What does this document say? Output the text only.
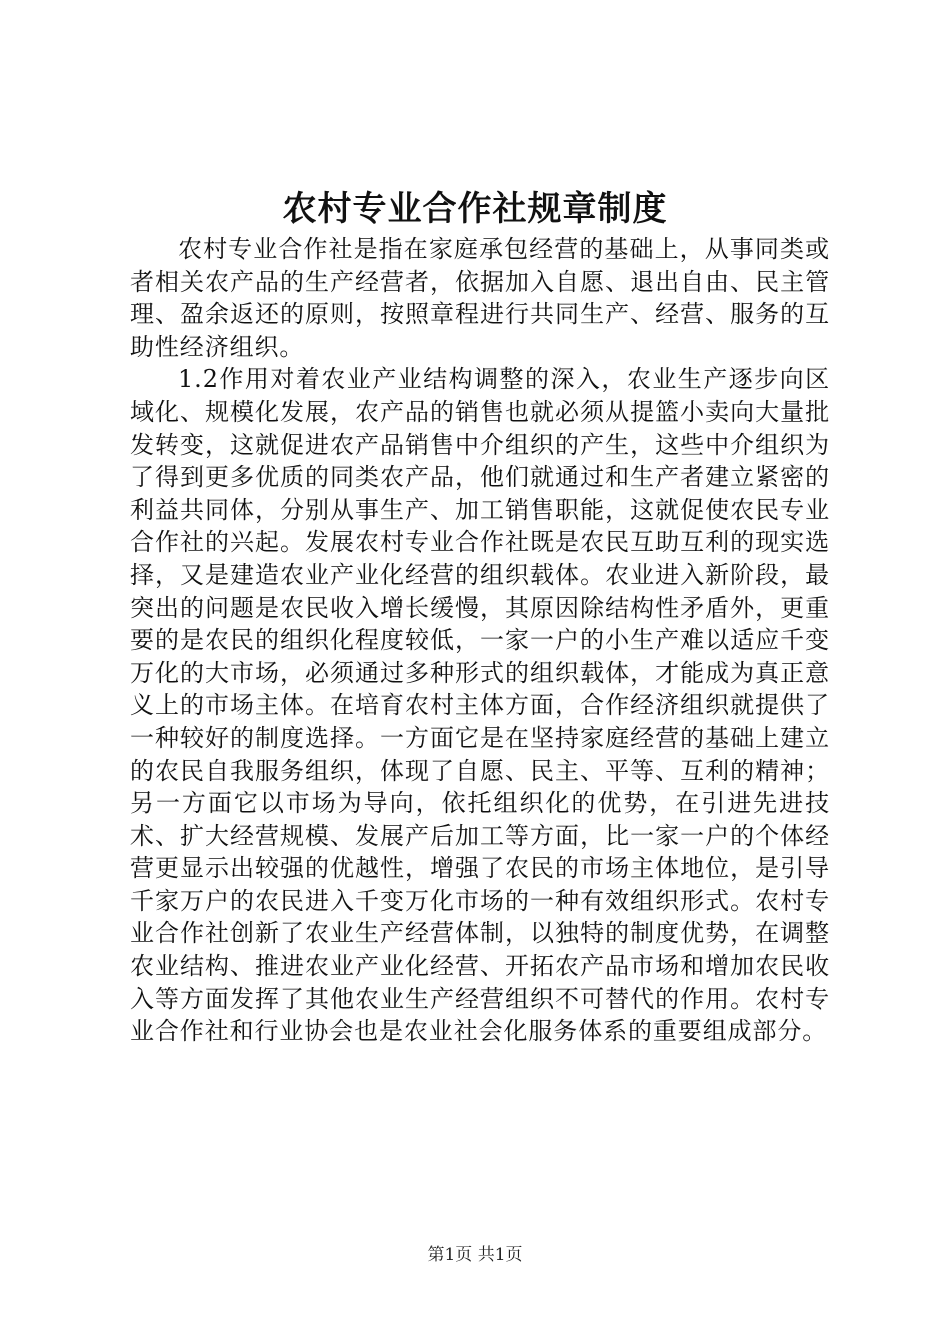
农村专业合作社规章制度

农村专业合作社是指在家庭承包经营的基础上，从事同类或者相关农产品的生产经营者，依据加入自愿、退出自由、民主管理、盈余返还的原则，按照章程进行共同生产、经营、服务的互助性经济组织。

1.2作用对着农业产业结构调整的深入，农业生产逐步向区域化、规模化发展，农产品的销售也就必须从提篮小卖向大量批发转变，这就促进农产品销售中介组织的产生，这些中介组织为了得到更多优质的同类农产品，他们就通过和生产者建立紧密的利益共同体，分别从事生产、加工销售职能，这就促使农民专业合作社的兴起。发展农村专业合作社既是农民互助互利的现实选择，又是建造农业产业化经营的组织载体。农业进入新阶段，最突出的问题是农民收入增长缓慢，其原因除结构性矛盾外，更重要的是农民的组织化程度较低，一家一户的小生产难以适应千变万化的大市场，必须通过多种形式的组织载体，才能成为真正意义上的市场主体。在培育农村主体方面，合作经济组织就提供了一种较好的制度选择。一方面它是在坚持家庭经营的基础上建立的农民自我服务组织，体现了自愿、民主、平等、互利的精神；另一方面它以市场为导向，依托组织化的优势，在引进先进技术、扩大经营规模、发展产后加工等方面，比一家一户的个体经营更显示出较强的优越性，增强了农民的市场主体地位，是引导千家万户的农民进入千变万化市场的一种有效组织形式。农村专业合作社创新了农业生产经营体制，以独特的制度优势，在调整农业结构、推进农业产业化经营、开拓农产品市场和增加农民收入等方面发挥了其他农业生产经营组织不可替代的作用。农村专业合作社和行业协会也是农业社会化服务体系的重要组成部分。

第1页 共1页
